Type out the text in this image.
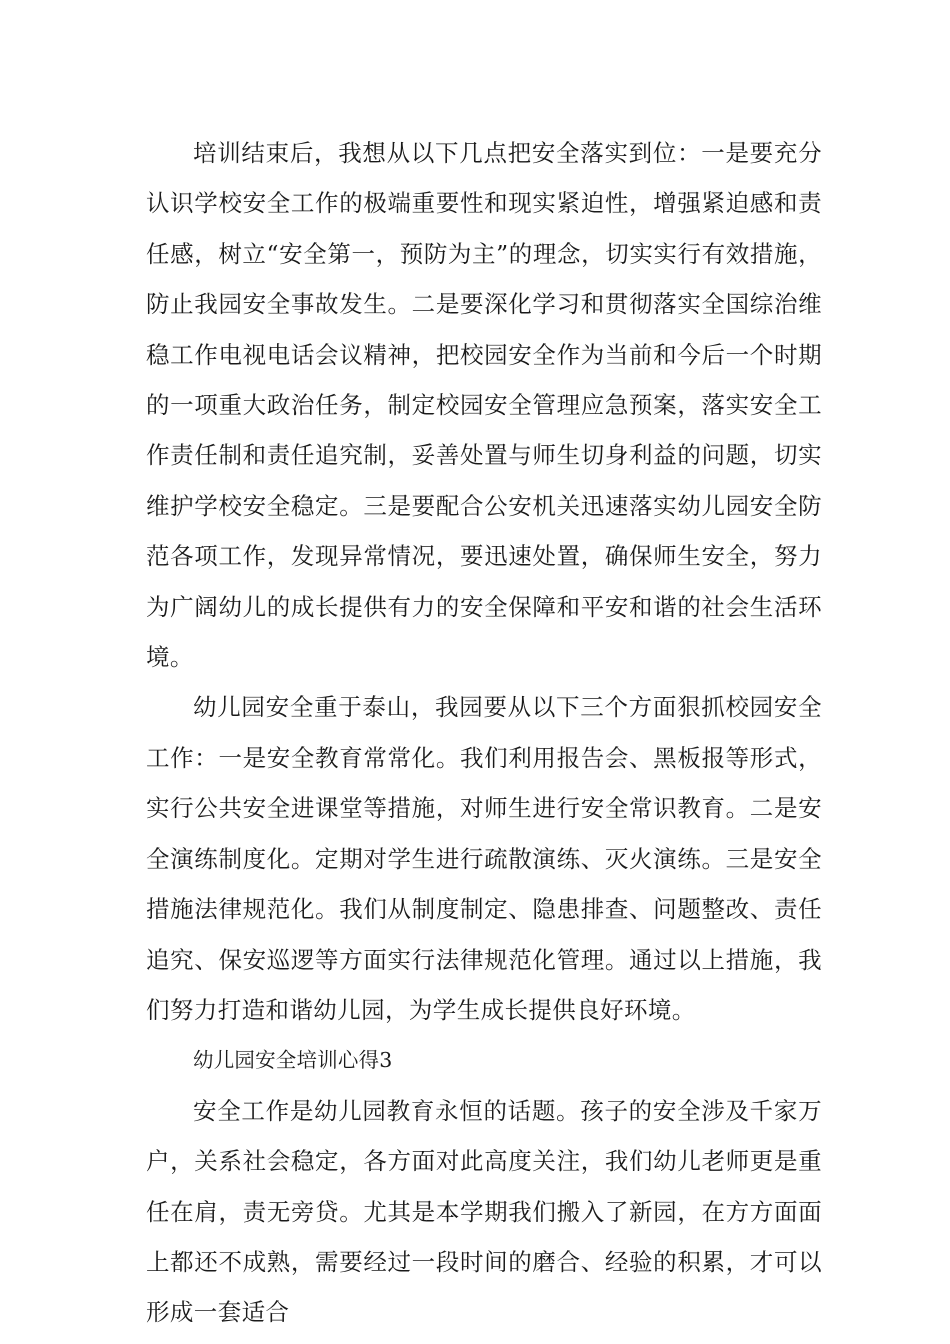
培训结束后，我想从以下几点把安全落实到位：一是要充分认识学校安全工作的极端重要性和现实紧迫性，增强紧迫感和责任感，树立“安全第一，预防为主”的理念，切实实行有效措施，防止我园安全事故发生。二是要深化学习和贯彻落实全国综治维稳工作电视电话会议精神，把校园安全作为当前和今后一个时期的一项重大政治任务，制定校园安全管理应急预案，落实安全工作责任制和责任追究制，妥善处置与师生切身利益的问题，切实维护学校安全稳定。三是要配合公安机关迅速落实幼儿园安全防范各项工作，发现异常情况，要迅速处置，确保师生安全，努力为广阔幼儿的成长提供有力的安全保障和平安和谐的社会生活环境。

幼儿园安全重于泰山，我园要从以下三个方面狠抓校园安全工作：一是安全教育常常化。我们利用报告会、黑板报等形式，实行公共安全进课堂等措施，对师生进行安全常识教育。二是安全演练制度化。定期对学生进行疏散演练、灭火演练。三是安全措施法律规范化。我们从制度制定、隐患排查、问题整改、责任追究、保安巡逻等方面实行法律规范化管理。通过以上措施，我们努力打造和谐幼儿园，为学生成长提供良好环境。

幼儿园安全培训心得3

安全工作是幼儿园教育永恒的话题。孩子的安全涉及千家万户，关系社会稳定，各方面对此高度关注，我们幼儿老师更是重任在肩，责无旁贷。尤其是本学期我们搬入了新园，在方方面面上都还不成熟，需要经过一段时间的磨合、经验的积累，才可以形成一套适合
